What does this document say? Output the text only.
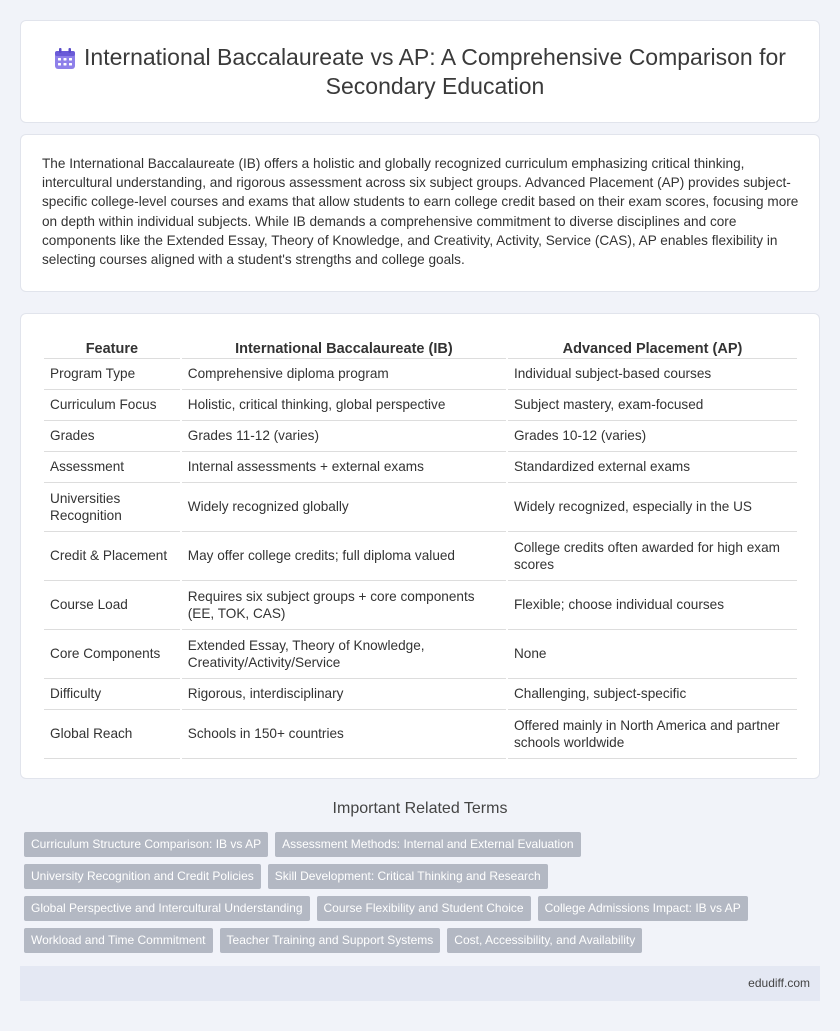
International Baccalaureate vs AP: A Comprehensive Comparison for Secondary Education

The International Baccalaureate (IB) offers a holistic and globally recognized curriculum emphasizing critical thinking, intercultural understanding, and rigorous assessment across six subject groups. Advanced Placement (AP) provides subject-specific college-level courses and exams that allow students to earn college credit based on their exam scores, focusing more on depth within individual subjects. While IB demands a comprehensive commitment to diverse disciplines and core components like the Extended Essay, Theory of Knowledge, and Creativity, Activity, Service (CAS), AP enables flexibility in selecting courses aligned with a student's strengths and college goals.

Feature	International Baccalaureate (IB)	Advanced Placement (AP)
Program Type	Comprehensive diploma program	Individual subject-based courses
Curriculum Focus	Holistic, critical thinking, global perspective	Subject mastery, exam-focused
Grades	Grades 11-12 (varies)	Grades 10-12 (varies)
Assessment	Internal assessments + external exams	Standardized external exams
Universities Recognition	Widely recognized globally	Widely recognized, especially in the US
Credit & Placement	May offer college credits; full diploma valued	College credits often awarded for high exam scores
Course Load	Requires six subject groups + core components (EE, TOK, CAS)	Flexible; choose individual courses
Core Components	Extended Essay, Theory of Knowledge, Creativity/Activity/Service	None
Difficulty	Rigorous, interdisciplinary	Challenging, subject-specific
Global Reach	Schools in 150+ countries	Offered mainly in North America and partner schools worldwide
Important Related Terms
Curriculum Structure Comparison: IB vs AP	Assessment Methods: Internal and External Evaluation
University Recognition and Credit Policies	Skill Development: Critical Thinking and Research
Global Perspective and Intercultural Understanding	Course Flexibility and Student Choice	College Admissions Impact: IB vs AP
Workload and Time Commitment	Teacher Training and Support Systems	Cost, Accessibility, and Availability
edudiff.com
